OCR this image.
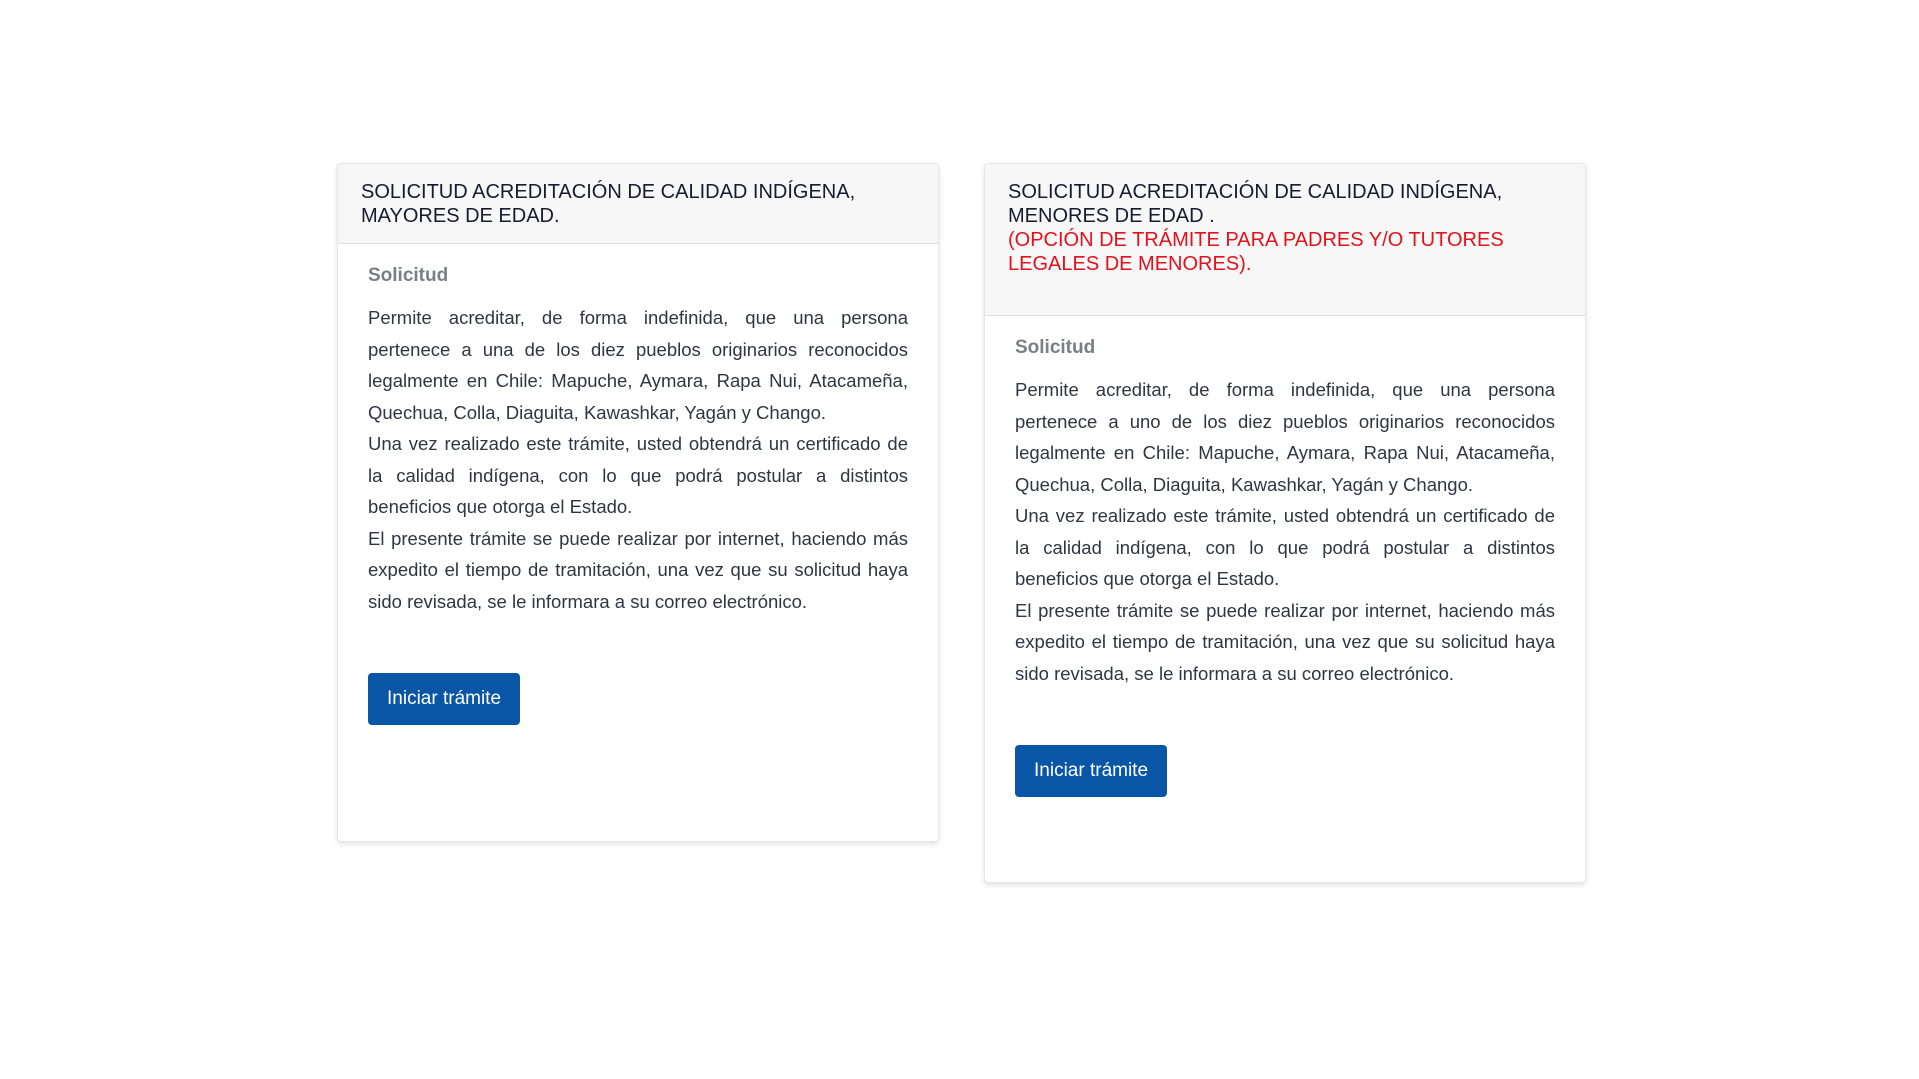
SOLICITUD ACREDITACIÓN DE CALIDAD INDÍGENA,
MAYORES DE EDAD.
Solicitud

Permite acreditar, de forma indefinida, que una persona pertenece a una de los diez pueblos originarios reconocidos legalmente en Chile: Mapuche, Aymara, Rapa Nui, Atacameña, Quechua, Colla, Diaguita, Kawashkar, Yagán y Chango.

Una vez realizado este trámite, usted obtendrá un certificado de la calidad indígena, con lo que podrá postular a distintos beneficios que otorga el Estado.

El presente trámite se puede realizar por internet, haciendo más expedito el tiempo de tramitación, una vez que su solicitud haya sido revisada, se le informara a su correo electrónico.

Iniciar trámite
SOLICITUD ACREDITACIÓN DE CALIDAD INDÍGENA,
MENORES DE EDAD .
(OPCIÓN DE TRÁMITE PARA PADRES Y/O TUTORES LEGALES DE MENORES).
Solicitud

Permite acreditar, de forma indefinida, que una persona pertenece a uno de los diez pueblos originarios reconocidos legalmente en Chile: Mapuche, Aymara, Rapa Nui, Atacameña, Quechua, Colla, Diaguita, Kawashkar, Yagán y Chango.

Una vez realizado este trámite, usted obtendrá un certificado de la calidad indígena, con lo que podrá postular a distintos beneficios que otorga el Estado.

El presente trámite se puede realizar por internet, haciendo más expedito el tiempo de tramitación, una vez que su solicitud haya sido revisada, se le informara a su correo electrónico.

Iniciar trámite
